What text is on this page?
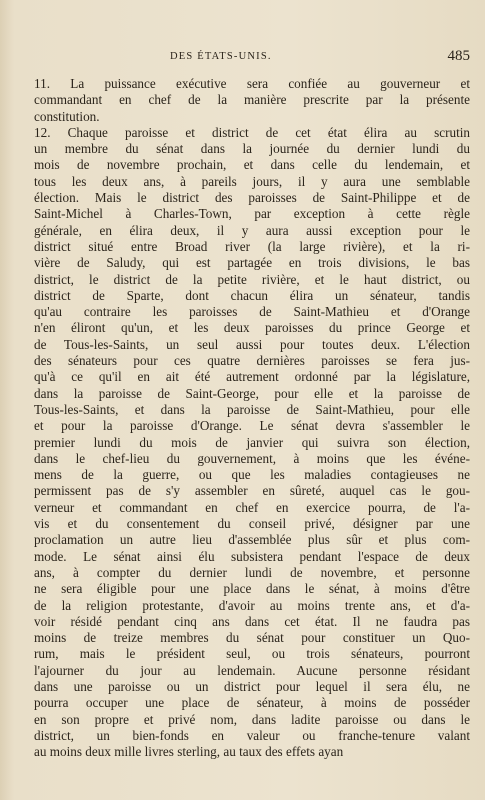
DES ÉTATS-UNIS.	485
11. La puissance exécutive sera confiée au gouverneur et
commandant en chef de la manière prescrite par la présente
constitution.
12. Chaque paroisse et district de cet état élira au scrutin
un membre du sénat dans la journée du dernier lundi du
mois de novembre prochain, et dans celle du lendemain, et
tous les deux ans, à pareils jours, il y aura une semblable
élection. Mais le district des paroisses de Saint-Philippe et de
Saint-Michel à Charles-Town, par exception à cette règle
générale, en élira deux, il y aura aussi exception pour le
district situé entre Broad river (la large rivière), et la ri-
vière de Saludy, qui est partagée en trois divisions, le bas
district, le district de la petite rivière, et le haut district, ou
district de Sparte, dont chacun élira un sénateur, tandis
qu'au contraire les paroisses de Saint-Mathieu et d'Orange
n'en éliront qu'un, et les deux paroisses du prince George et
de Tous-les-Saints, un seul aussi pour toutes deux. L'élection
des sénateurs pour ces quatre dernières paroisses se fera jus-
qu'à ce qu'il en ait été autrement ordonné par la législature,
dans la paroisse de Saint-George, pour elle et la paroisse de
Tous-les-Saints, et dans la paroisse de Saint-Mathieu, pour elle
et pour la paroisse d'Orange. Le sénat devra s'assembler le
premier lundi du mois de janvier qui suivra son élection,
dans le chef-lieu du gouvernement, à moins que les événe-
mens de la guerre, ou que les maladies contagieuses ne
permissent pas de s'y assembler en sûreté, auquel cas le gou-
verneur et commandant en chef en exercice pourra, de l'a-
vis et du consentement du conseil privé, désigner par une
proclamation un autre lieu d'assemblée plus sûr et plus com-
mode. Le sénat ainsi élu subsistera pendant l'espace de deux
ans, à compter du dernier lundi de novembre, et personne
ne sera éligible pour une place dans le sénat, à moins d'être
de la religion protestante, d'avoir au moins trente ans, et d'a-
voir résidé pendant cinq ans dans cet état. Il ne faudra pas
moins de treize membres du sénat pour constituer un Quo-
rum, mais le président seul, ou trois sénateurs, pourront
l'ajourner du jour au lendemain. Aucune personne résidant
dans une paroisse ou un district pour lequel il sera élu, ne
pourra occuper une place de sénateur, à moins de posséder
en son propre et privé nom, dans ladite paroisse ou dans le
district, un bien-fonds en valeur ou franche-tenure valant
au moins deux mille livres sterling, au taux des effets ayan
